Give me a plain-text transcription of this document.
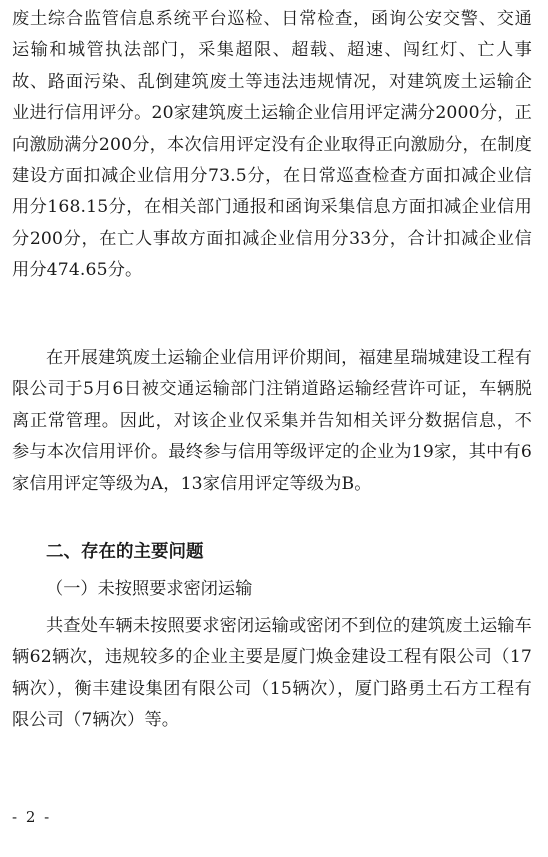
废土综合监管信息系统平台巡检、日常检查，函询公安交警、交通运输和城管执法部门，采集超限、超载、超速、闯红灯、亡人事故、路面污染、乱倒建筑废土等违法违规情况，对建筑废土运输企业进行信用评分。20家建筑废土运输企业信用评定满分2000分，正向激励满分200分，本次信用评定没有企业取得正向激励分，在制度建设方面扣减企业信用分73.5分，在日常巡查检查方面扣减企业信用分168.15分，在相关部门通报和函询采集信息方面扣减企业信用分200分，在亡人事故方面扣减企业信用分33分，合计扣减企业信用分474.65分。

在开展建筑废土运输企业信用评价期间，福建星瑞城建设工程有限公司于5月6日被交通运输部门注销道路运输经营许可证，车辆脱离正常管理。因此，对该企业仅采集并告知相关评分数据信息，不参与本次信用评价。最终参与信用等级评定的企业为19家，其中有6家信用评定等级为A，13家信用评定等级为B。

二、存在的主要问题
（一）未按照要求密闭运输

共查处车辆未按照要求密闭运输或密闭不到位的建筑废土运输车辆62辆次，违规较多的企业主要是厦门焕金建设工程有限公司（17辆次），衡丰建设集团有限公司（15辆次），厦门路勇土石方工程有限公司（7辆次）等。

- 2 -
